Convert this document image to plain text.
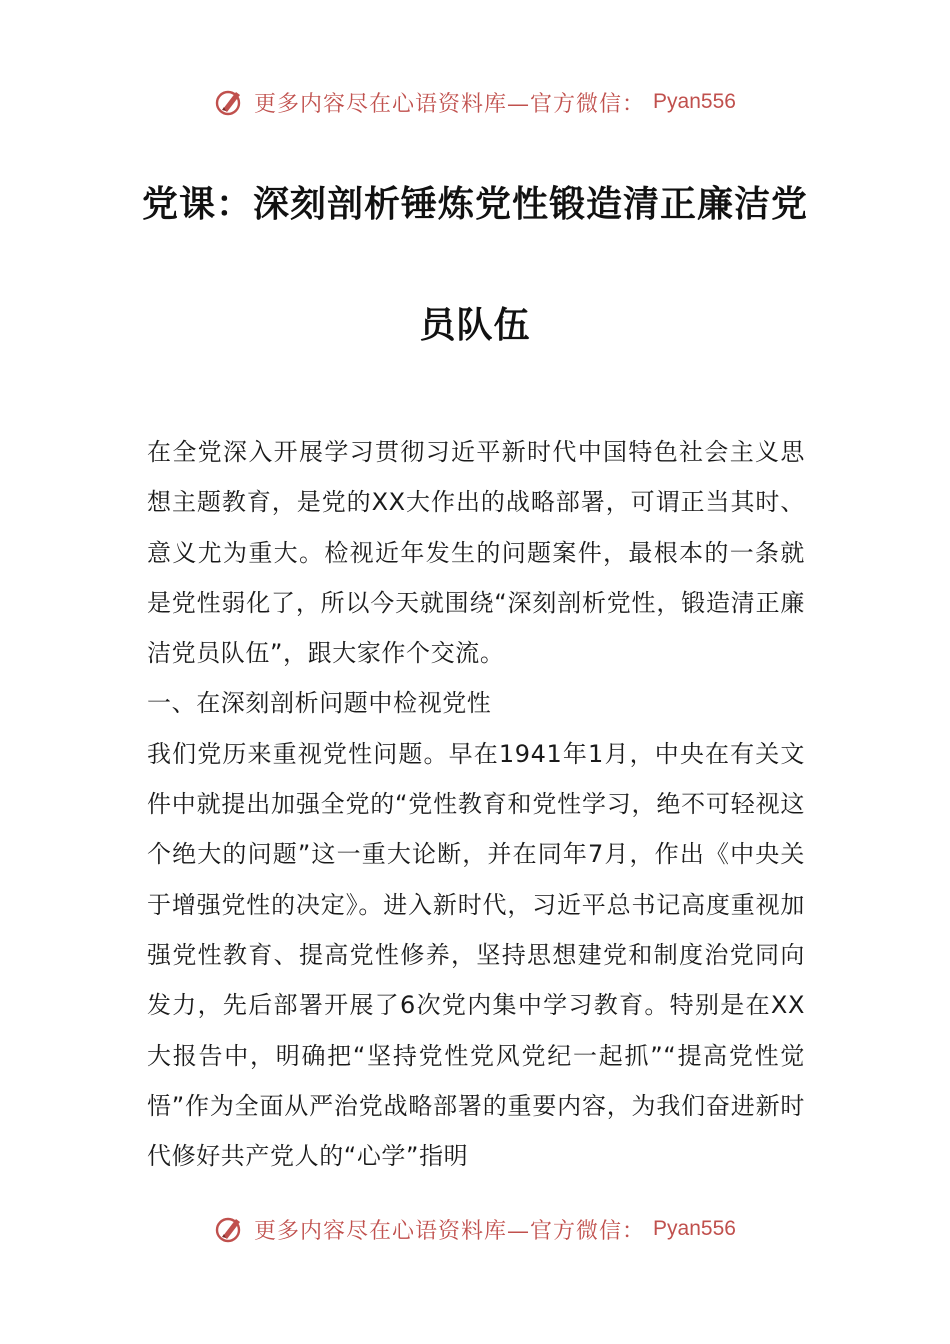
更多内容尽在心语资料库—官方微信： Pyan556
党课：深刻剖析锤炼党性锻造清正廉洁党
员队伍

在全党深入开展学习贯彻习近平新时代中国特色社会主义思想主题教育，是党的XX大作出的战略部署，可谓正当其时、意义尤为重大。检视近年发生的问题案件，最根本的一条就是党性弱化了，所以今天就围绕“深刻剖析党性，锻造清正廉洁党员队伍”，跟大家作个交流。

一、在深刻剖析问题中检视党性

我们党历来重视党性问题。早在1941年1月，中央在有关文件中就提出加强全党的“党性教育和党性学习，绝不可轻视这个绝大的问题”这一重大论断，并在同年7月，作出《中央关于增强党性的决定》。进入新时代，习近平总书记高度重视加强党性教育、提高党性修养，坚持思想建党和制度治党同向发力，先后部署开展了6次党内集中学习教育。特别是在XX大报告中，明确把“坚持党性党风党纪一起抓”“提高党性觉悟”作为全面从严治党战略部署的重要内容，为我们奋进新时代修好共产党人的“心学”指明

更多内容尽在心语资料库—官方微信： Pyan556
